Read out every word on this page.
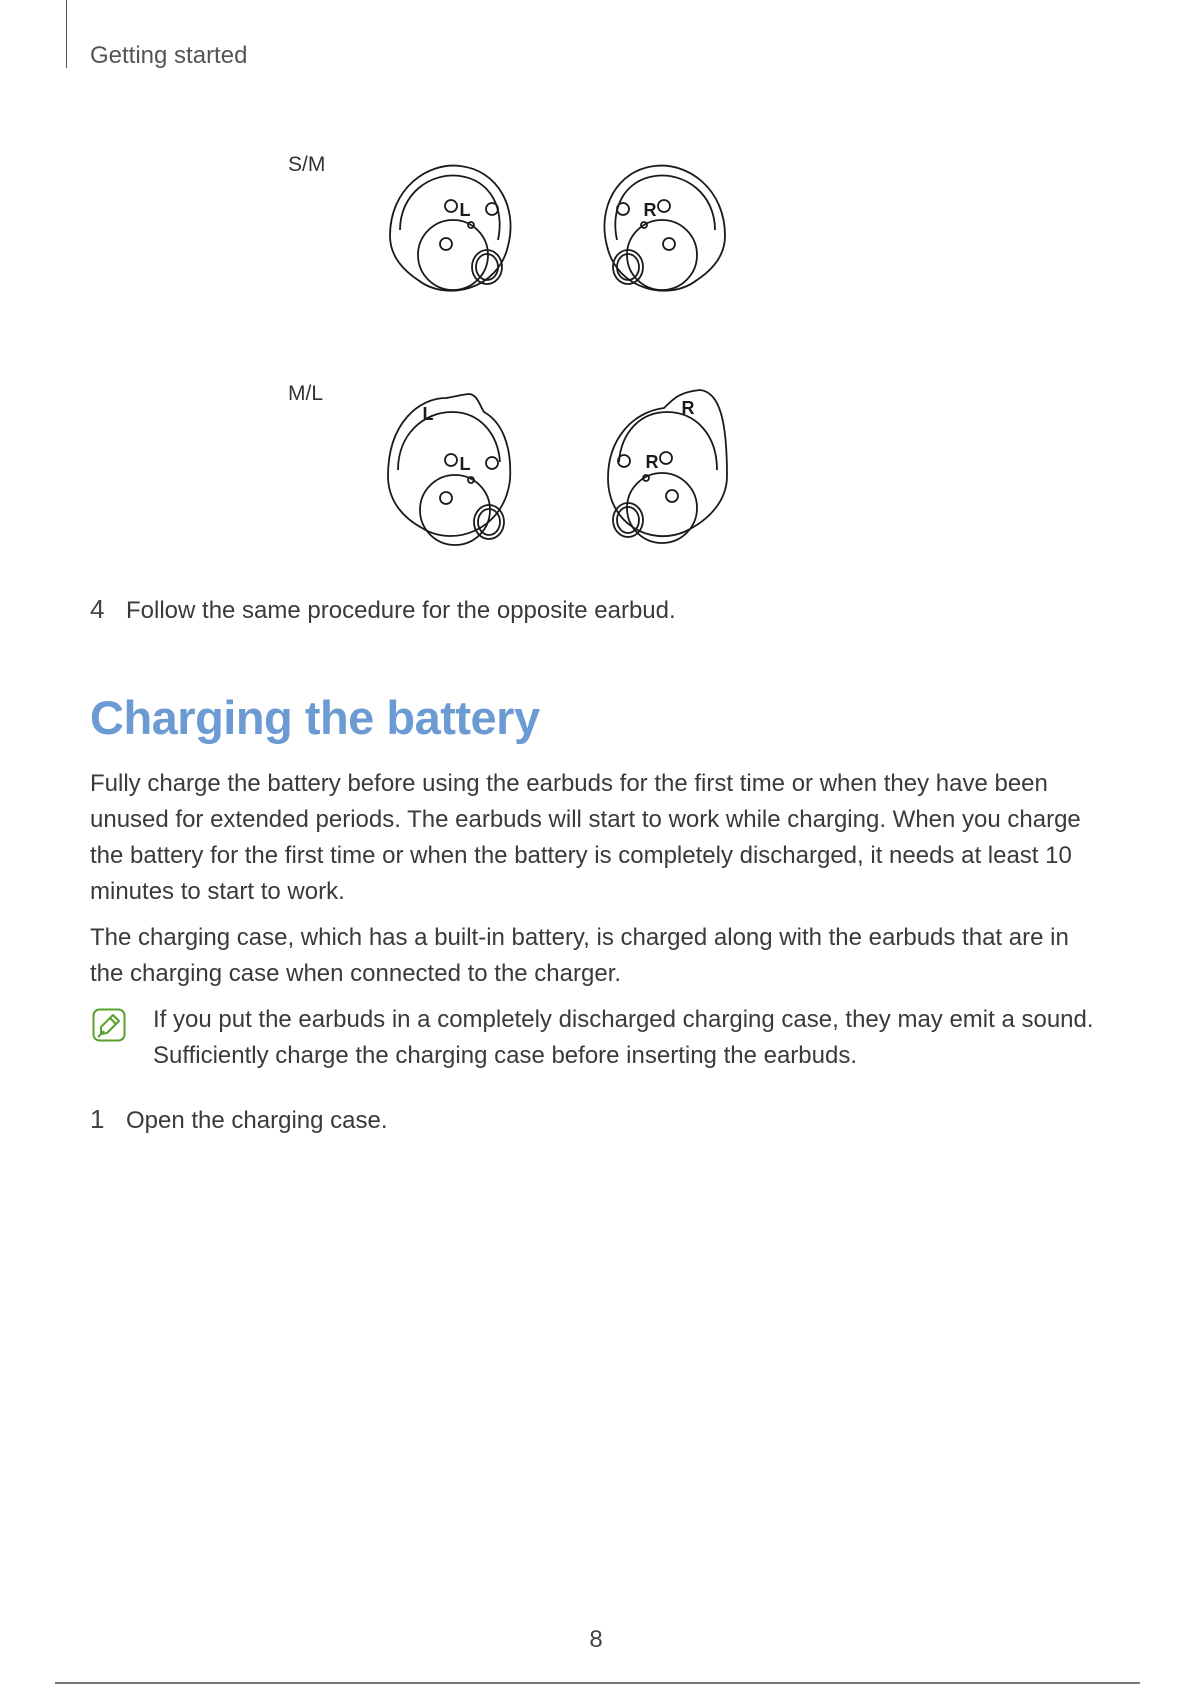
Getting started
S/M
M/L
L	R
L
L
R
R
4 Follow the same procedure for the opposite earbud.
Charging the battery

Fully charge the battery before using the earbuds for the first time or when they have been unused for extended periods. The earbuds will start to work while charging. When you charge the battery for the first time or when the battery is completely discharged, it needs at least 10 minutes to start to work.

The charging case, which has a built-in battery, is charged along with the earbuds that are in the charging case when connected to the charger.

If you put the earbuds in a completely discharged charging case, they may emit a sound. Sufficiently charge the charging case before inserting the earbuds.

1 Open the charging case.
8
